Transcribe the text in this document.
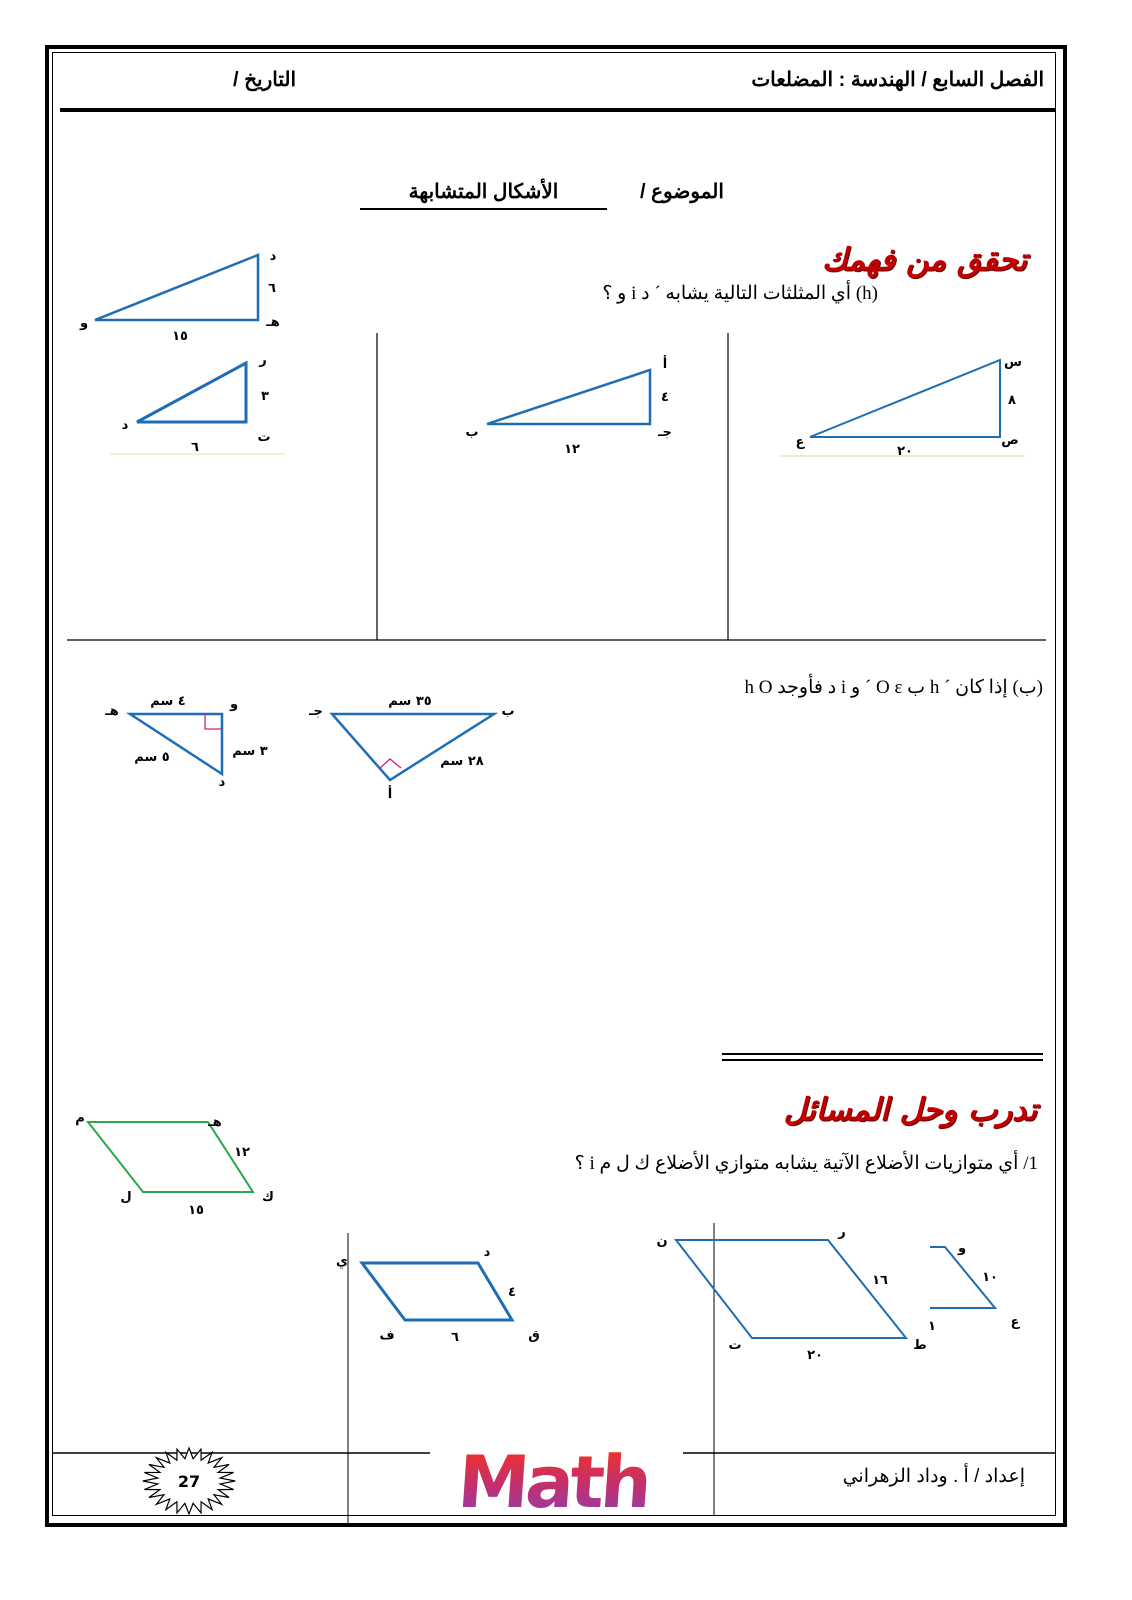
الفصل السابع / الهندسة : المضلعات
التاريخ /
الموضوع /
الأشكال المتشابهة
تحقق من فهمك
(h) أي المثلثات التالية يشابه ´ د i و ؟
(ب) إذا كان ´ h ب O ε ´ و i د فأوجد h O
تدرب وحل المسائل
1/ أي متوازيات الأضلاع الآتية يشابه متوازي الأضلاع ك ل م i ؟
د
٦
هـ
و
١٥
س
٨
ص
ع
٢٠
أ
٤
جـ
ب
١٢
ر
٣
ت
د
٦
ب
جـ
٣٥ سم
٢٨ سم
أ
هـ	و
٤ سم
٣ سم
٥ سم
د
م	هـ
١٢
ك
ل
١٥
ي
د
٤
ق
ف	٦
ن
ر
١٦
ط
ت
٢٠
و
١٠
ع
١
27	Math	إعداد / أ . وداد الزهراني
